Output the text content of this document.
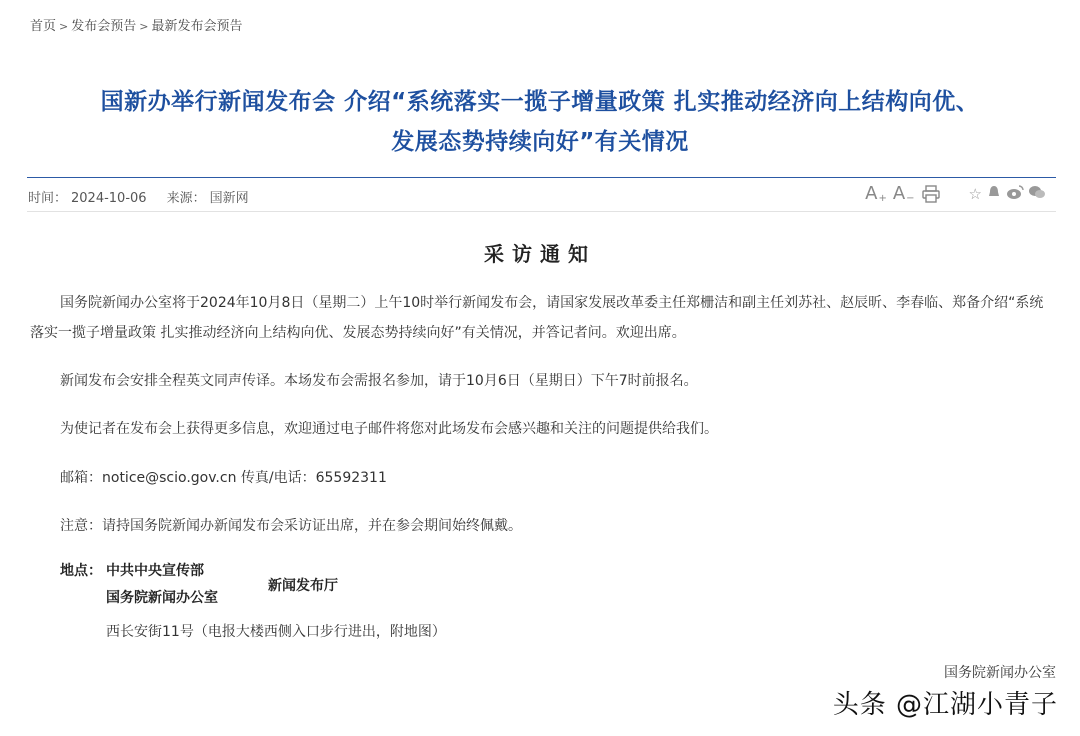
首页 > 发布会预告 > 最新发布会预告
国新办举行新闻发布会 介绍“系统落实一揽子增量政策 扎实推动经济向上结构向优、
发展态势持续向好”有关情况
时间： 2024-10-06 来源： 国新网	$A_+$ $A_-$	☆
采访通知
国务院新闻办公室将于2024年10月8日（星期二）上午10时举行新闻发布会，请国家发展改革委主任郑栅洁和副主任刘苏社、赵辰昕、李春临、郑备介绍“系统落实一揽子增量政策 扎实推动经济向上结构向优、发展态势持续向好”有关情况，并答记者问。欢迎出席。
新闻发布会安排全程英文同声传译。本场发布会需报名参加，请于10月6日（星期日）下午7时前报名。
为使记者在发布会上获得更多信息，欢迎通过电子邮件将您对此场发布会感兴趣和关注的问题提供给我们。
邮箱：notice@scio.gov.cn 传真/电话：65592311
注意：请持国务院新闻办新闻发布会采访证出席，并在参会期间始终佩戴。
地点： 中共中央宣传部
国务院新闻办公室
新闻发布厅
西长安街11号（电报大楼西侧入口步行进出，附地图）
国务院新闻办公室
头条 @江湖小青子
